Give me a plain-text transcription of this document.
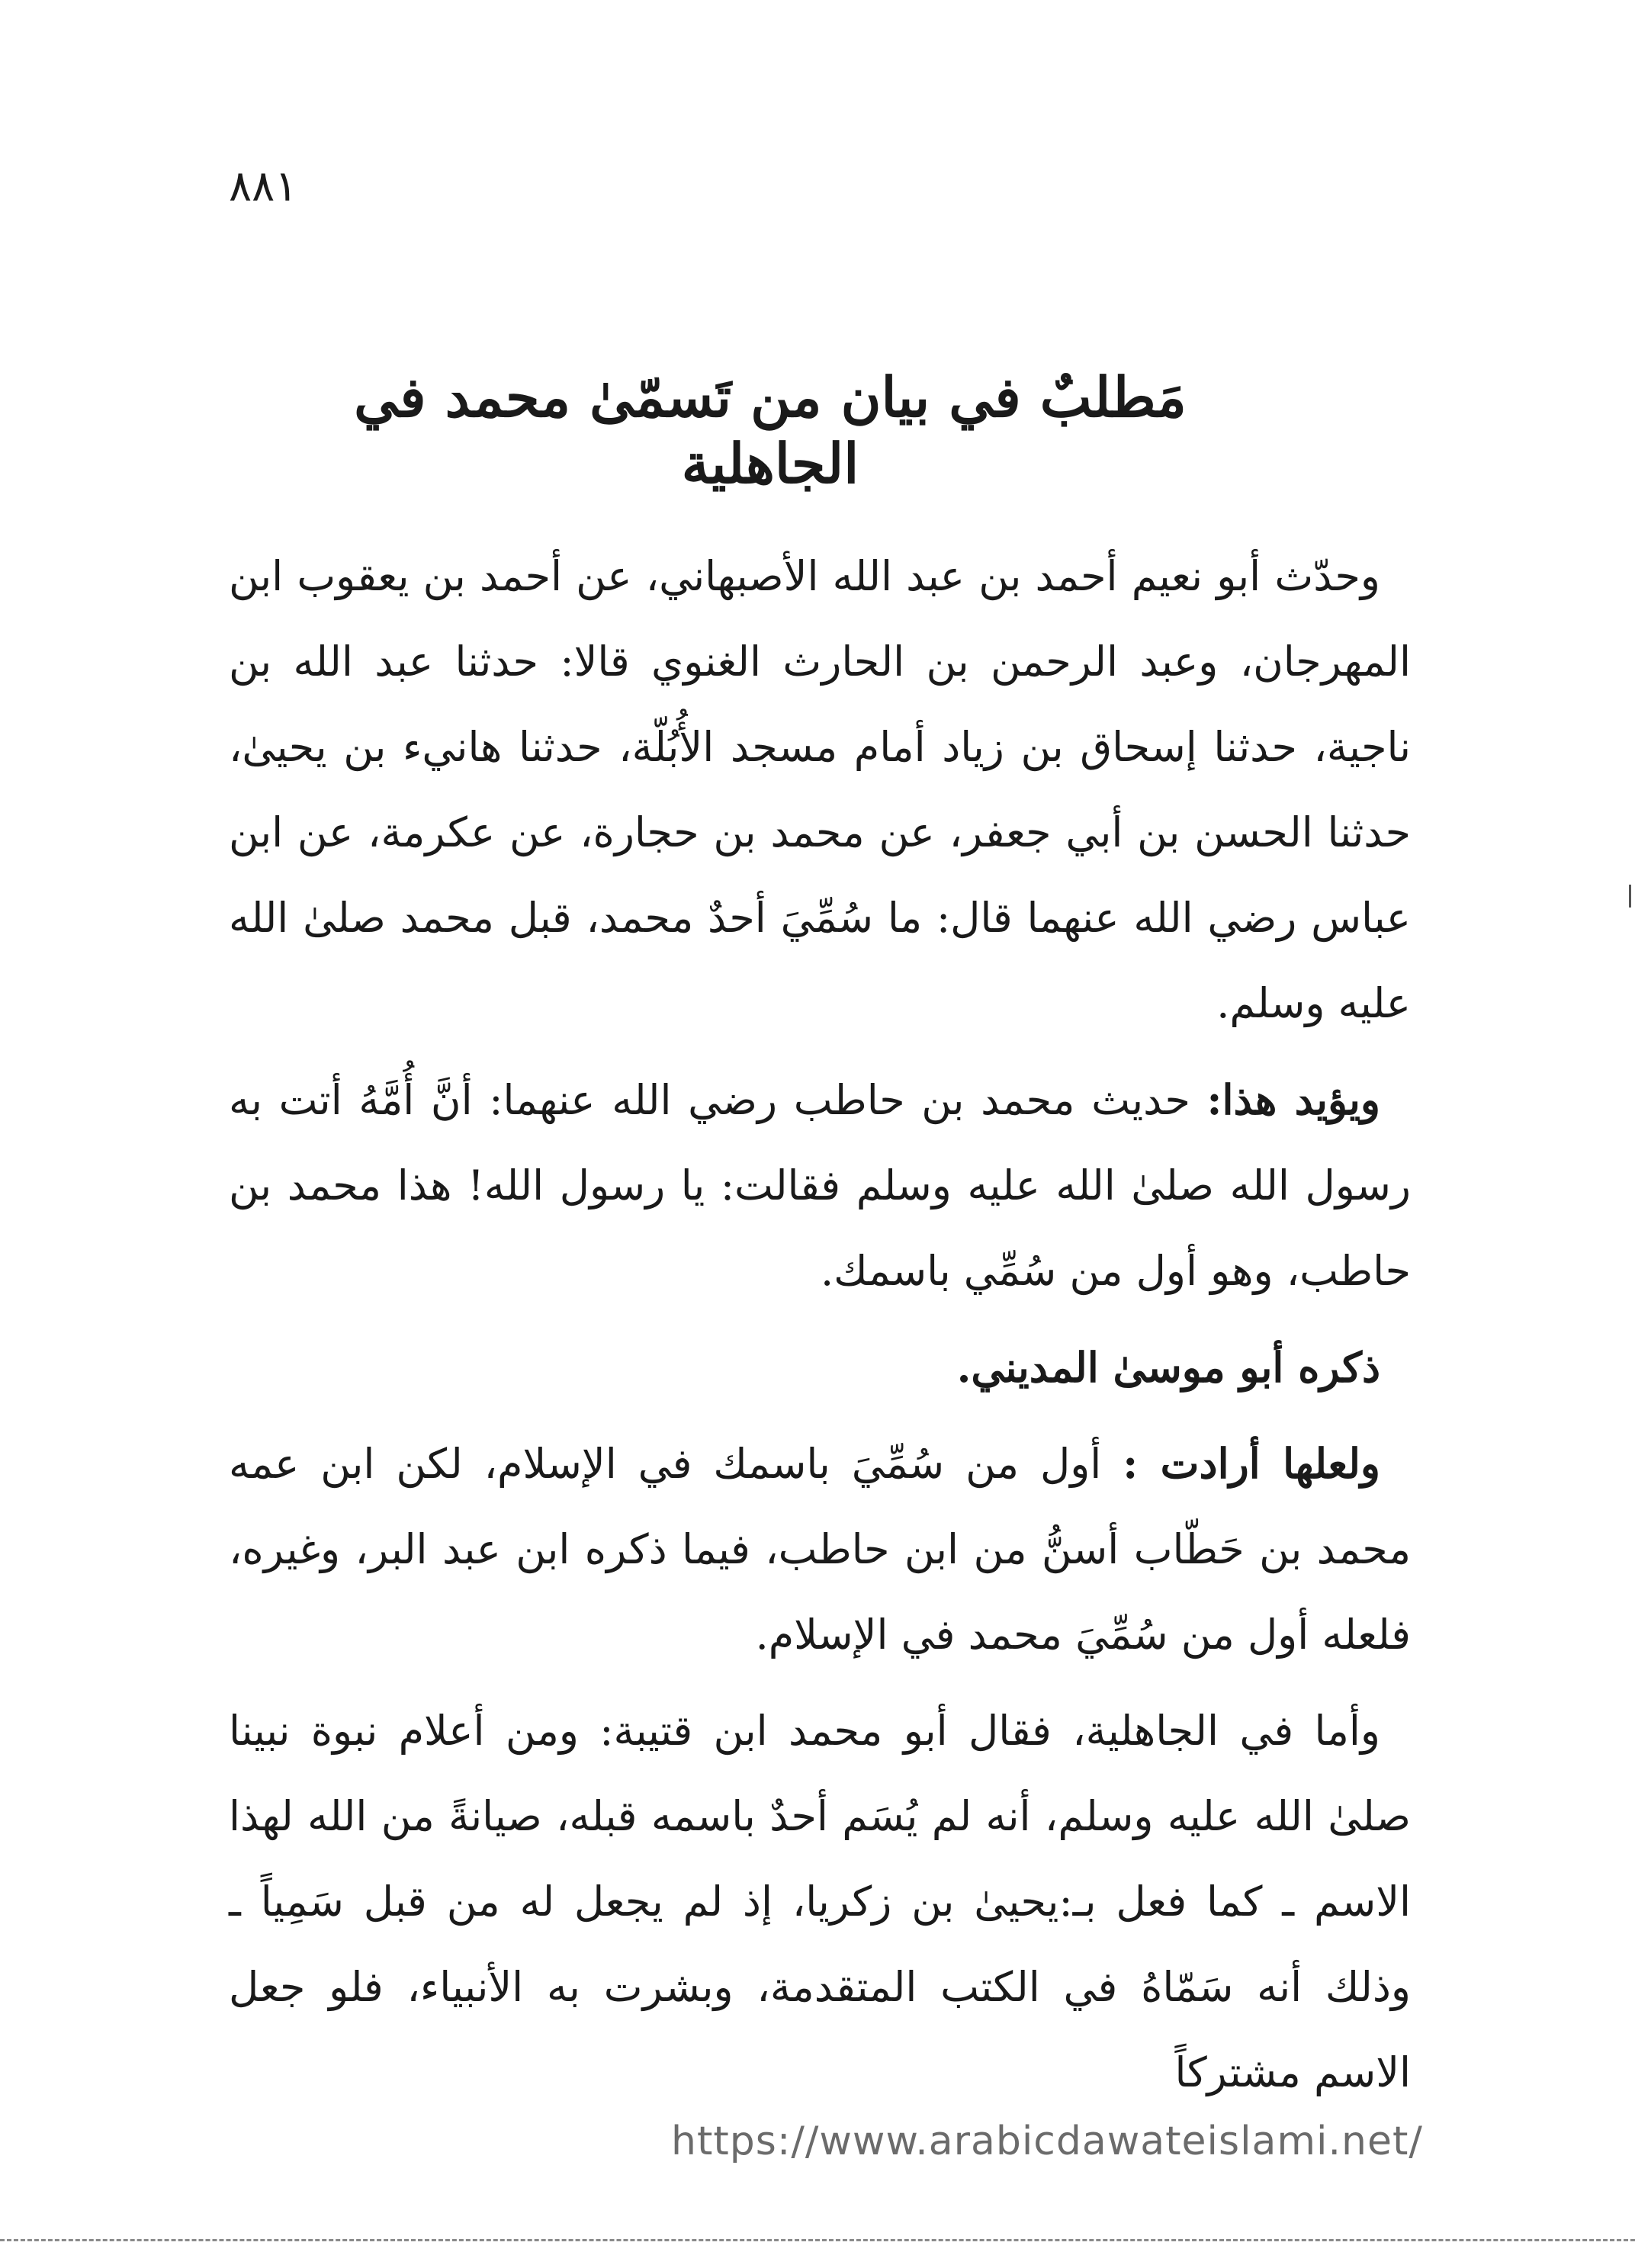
٨٨١
مَطلبٌ في بيان من تَسمّىٰ محمد في الجاهلية

وحدّث أبو نعيم أحمد بن عبد الله الأصبهاني، عن أحمد بن يعقوب ابن المهرجان، وعبد الرحمن بن الحارث الغنوي قالا: حدثنا عبد الله بن ناجية، حدثنا إسحاق بن زياد أمام مسجد الأُبُلّة، حدثنا هانيء بن يحيىٰ، حدثنا الحسن بن أبي جعفر، عن محمد بن حجارة، عن عكرمة، عن ابن عباس رضي الله عنهما قال: ما سُمِّيَ أحدٌ محمد، قبل محمد صلىٰ الله عليه وسلم.

ويؤيد هذا: حديث محمد بن حاطب رضي الله عنهما: أنَّ أُمَّهُ أتت به رسول الله صلىٰ الله عليه وسلم فقالت: يا رسول الله! هذا محمد بن حاطب، وهو أول من سُمِّي باسمك.

ذكره أبو موسىٰ المديني.

ولعلها أرادت : أول من سُمِّيَ باسمك في الإسلام، لكن ابن عمه محمد بن حَطّاب أسنُّ من ابن حاطب، فيما ذكره ابن عبد البر، وغيره، فلعله أول من سُمِّيَ محمد في الإسلام.

وأما في الجاهلية، فقال أبو محمد ابن قتيبة: ومن أعلام نبوة نبينا صلىٰ الله عليه وسلم، أنه لم يُسَم أحدٌ باسمه قبله، صيانةً من الله لهذا الاسم ـ كما فعل بـ:يحيىٰ بن زكريا، إذ لم يجعل له من قبل سَمِياً ـ وذلك أنه سَمّاهُ في الكتب المتقدمة، وبشرت به الأنبياء، فلو جعل الاسم مشتركاً

https://www.arabicdawateislami.net/
